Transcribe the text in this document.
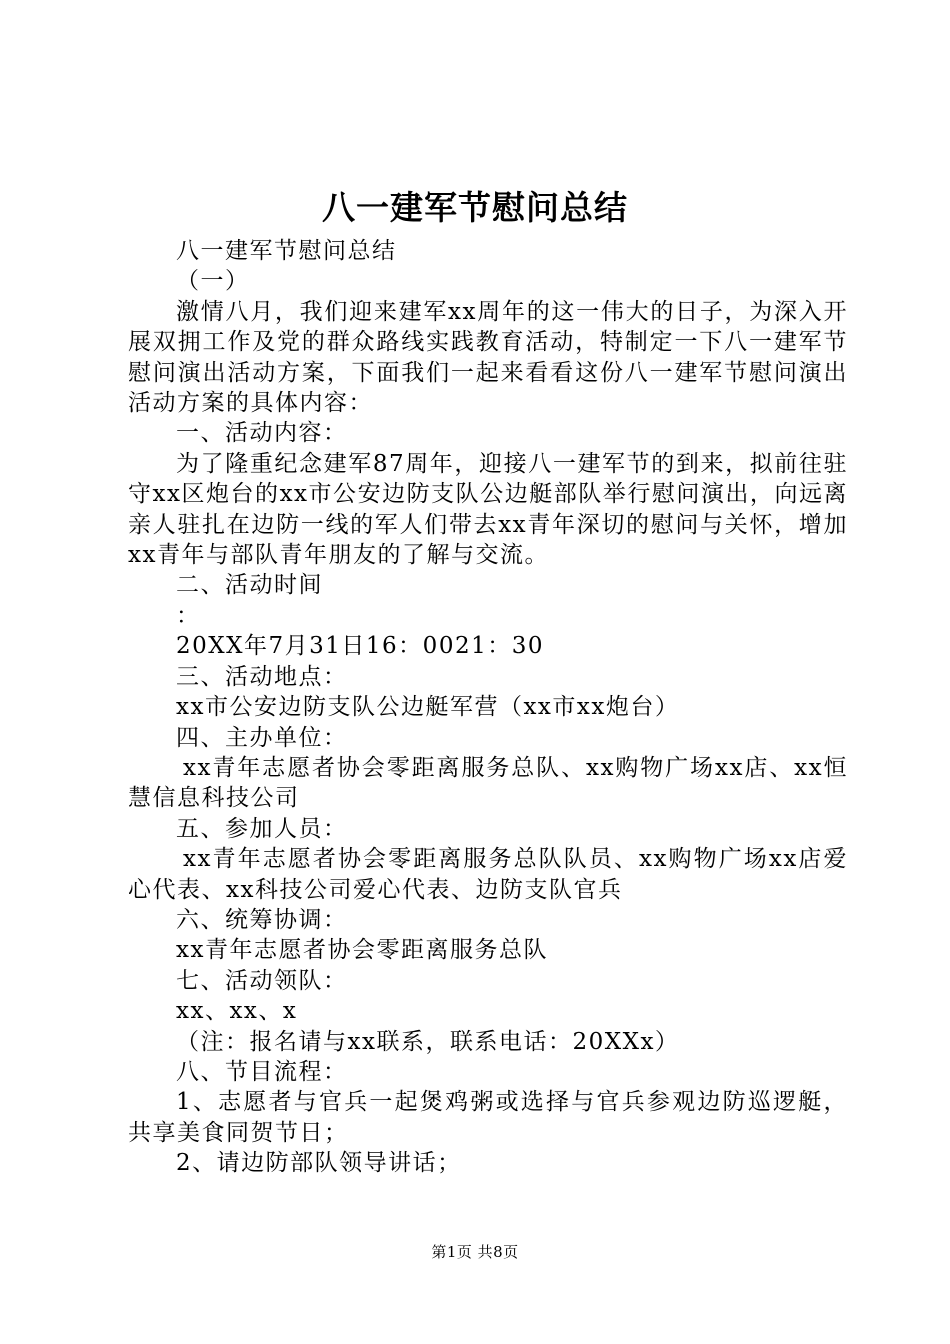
八一建军节慰问总结

八一建军节慰问总结

（一）

激情八月，我们迎来建军xx周年的这一伟大的日子，为深入开展双拥工作及党的群众路线实践教育活动，特制定一下八一建军节慰问演出活动方案，下面我们一起来看看这份八一建军节慰问演出活动方案的具体内容：

一、活动内容：

为了隆重纪念建军87周年，迎接八一建军节的到来，拟前往驻守xx区炮台的xx市公安边防支队公边艇部队举行慰问演出，向远离亲人驻扎在边防一线的军人们带去xx青年深切的慰问与关怀，增加xx青年与部队青年朋友的了解与交流。

二、活动时间

：

20XX年7月31日16：0021：30

三、活动地点：

xx市公安边防支队公边艇军营（xx市xx炮台）

四、主办单位：

xx青年志愿者协会零距离服务总队、xx购物广场xx店、xx恒慧信息科技公司

五、参加人员：

xx青年志愿者协会零距离服务总队队员、xx购物广场xx店爱心代表、xx科技公司爱心代表、边防支队官兵

六、统筹协调：

xx青年志愿者协会零距离服务总队

七、活动领队：

xx、xx、x

（注：报名请与xx联系，联系电话：20XXx）

八、节目流程：

1、志愿者与官兵一起煲鸡粥或选择与官兵参观边防巡逻艇，共享美食同贺节日；

2、请边防部队领导讲话；

第1页 共8页
